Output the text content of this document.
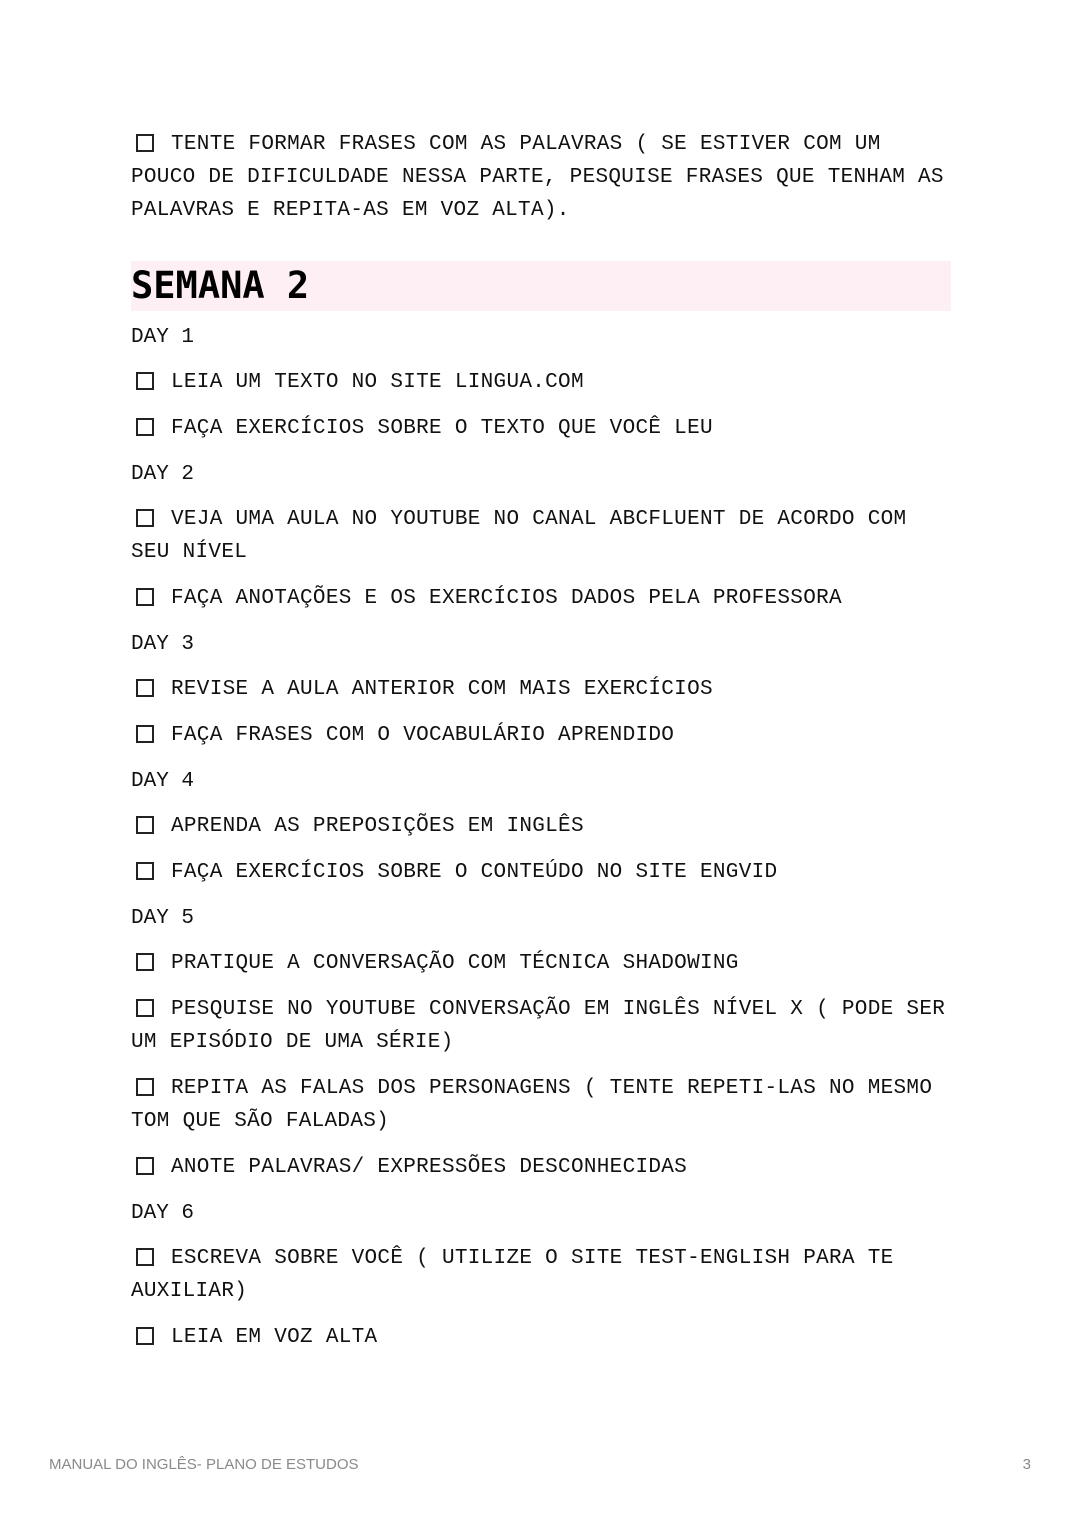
TENTE FORMAR FRASES COM AS PALAVRAS ( SE ESTIVER COM UM POUCO DE DIFICULDADE NESSA PARTE, PESQUISE FRASES QUE TENHAM AS PALAVRAS E REPITA-AS EM VOZ ALTA).
SEMANA 2
DAY 1
LEIA UM TEXTO NO SITE LINGUA.COM
FAÇA EXERCÍCIOS SOBRE O TEXTO QUE VOCÊ LEU
DAY 2
VEJA UMA AULA NO YOUTUBE NO CANAL ABCFLUENT DE ACORDO COM SEU NÍVEL
FAÇA ANOTAÇÕES E OS EXERCÍCIOS DADOS PELA PROFESSORA
DAY 3
REVISE A AULA ANTERIOR COM MAIS EXERCÍCIOS
FAÇA FRASES COM O VOCABULÁRIO APRENDIDO
DAY 4
APRENDA AS PREPOSIÇÕES EM INGLÊS
FAÇA EXERCÍCIOS SOBRE O CONTEÚDO NO SITE ENGVID
DAY 5
PRATIQUE A CONVERSAÇÃO COM TÉCNICA SHADOWING
PESQUISE NO YOUTUBE CONVERSAÇÃO EM INGLÊS NÍVEL X ( PODE SER UM EPISÓDIO DE UMA SÉRIE)
REPITA AS FALAS DOS PERSONAGENS ( TENTE REPETI-LAS NO MESMO TOM QUE SÃO FALADAS)
ANOTE PALAVRAS/ EXPRESSÕES DESCONHECIDAS
DAY 6
ESCREVA SOBRE VOCÊ ( UTILIZE O SITE TEST-ENGLISH PARA TE AUXILIAR)
LEIA EM VOZ ALTA
MANUAL DO INGLÊS- PLANO DE ESTUDOS	3
